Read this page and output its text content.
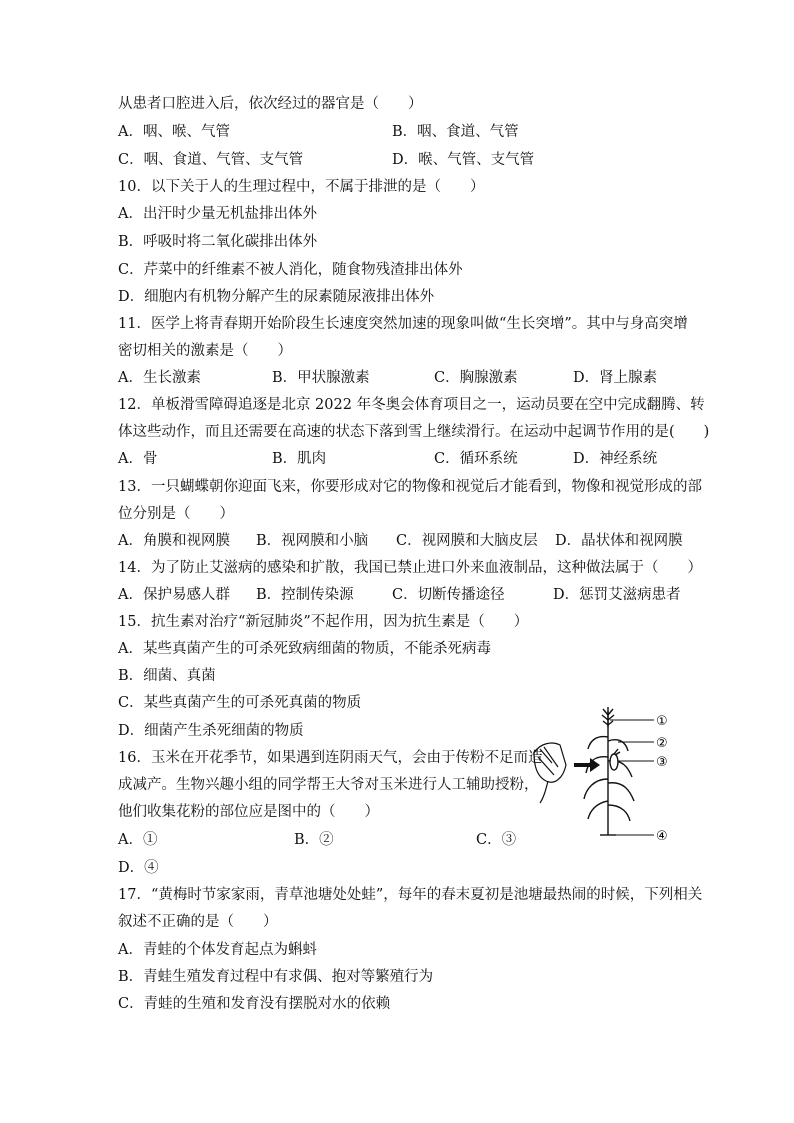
从患者口腔进入后，依次经过的器官是（　　）
A．咽、喉、气管	B．咽、食道、气管
C．咽、食道、气管、支气管	D．喉、气管、支气管
10．以下关于人的生理过程中，不属于排泄的是（　　）
A．出汗时少量无机盐排出体外
B．呼吸时将二氧化碳排出体外
C．芹菜中的纤维素不被人消化，随食物残渣排出体外
D．细胞内有机物分解产生的尿素随尿液排出体外
11．医学上将青春期开始阶段生长速度突然加速的现象叫做“生长突增”。其中与身高突增
密切相关的激素是（　　）
A．生长激素	B．甲状腺激素	C．胸腺激素	D．肾上腺素
12．单板滑雪障碍追逐是北京 2022 年冬奥会体育项目之一，运动员要在空中完成翻腾、转
体这些动作，而且还需要在高速的状态下落到雪上继续滑行。在运动中起调节作用的是(　　)
A．骨	B．肌肉	C．循环系统	D．神经系统
13．一只蝴蝶朝你迎面飞来，你要形成对它的物像和视觉后才能看到，物像和视觉形成的部
位分别是（　　）
A．角膜和视网膜 B．视网膜和小脑 C．视网膜和大脑皮层 D．晶状体和视网膜
14．为了防止艾滋病的感染和扩散，我国已禁止进口外来血液制品，这种做法属于（　　）
A．保护易感人群 B．控制传染源	C．切断传播途径	D．惩罚艾滋病患者
15．抗生素对治疗“新冠肺炎”不起作用，因为抗生素是（　　）
A．某些真菌产生的可杀死致病细菌的物质，不能杀死病毒
B．细菌、真菌
C．某些真菌产生的可杀死真菌的物质
D．细菌产生杀死细菌的物质
16．玉米在开花季节，如果遇到连阴雨天气，会由于传粉不足而造
成减产。生物兴趣小组的同学帮王大爷对玉米进行人工辅助授粉，
他们收集花粉的部位应是图中的（　　）
A．①	B．②	C．③
D．④
17．“黄梅时节家家雨，青草池塘处处蛙”，每年的春末夏初是池塘最热闹的时候，下列相关
叙述不正确的是（　　）
A．青蛙的个体发育起点为蝌蚪
B．青蛙生殖发育过程中有求偶、抱对等繁殖行为
C．青蛙的生殖和发育没有摆脱对水的依赖
①
②
③
④
